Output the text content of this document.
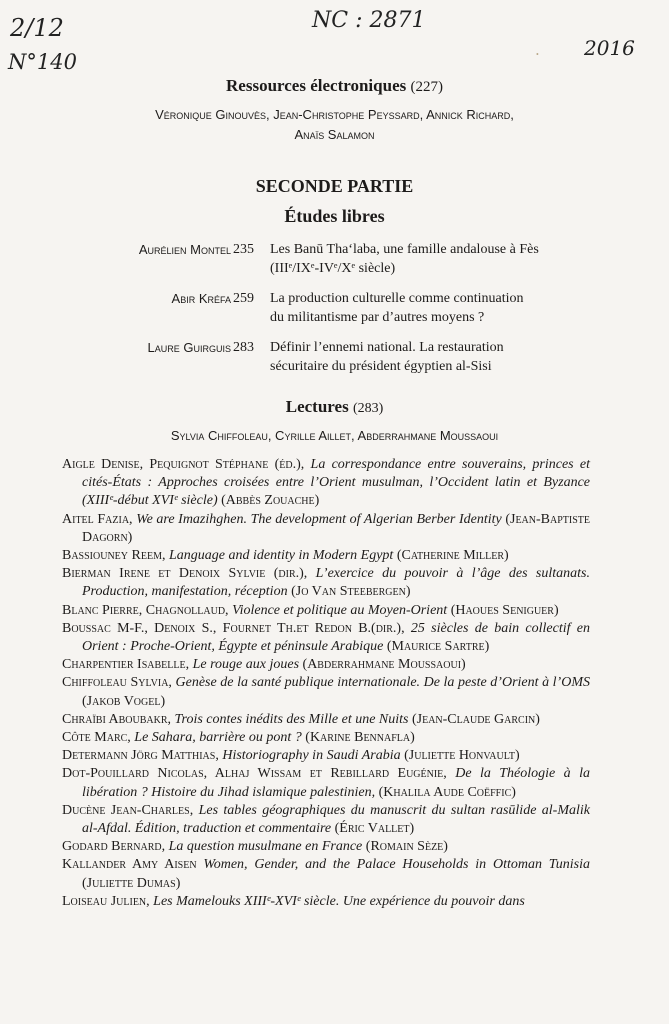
2/12
N°140
NC : 2871
2016
•
Ressources électroniques (227)
Véronique Ginouvès, Jean-Christophe Peyssard, Annick Richard,
Anaïs Salamon
SECONDE PARTIE
Études libres
Aurélien Montel 235	Les Banū Tha‘laba, une famille andalouse à Fès
(IIIᵉ/IXᵉ-IVᵉ/Xᵉ siècle)
Abir Kréfa 259	La production culturelle comme continuation
du militantisme par d’autres moyens ?
Laure Guirguis 283	Définir l’ennemi national. La restauration
sécuritaire du président égyptien al-Sisi
Lectures (283)
Sylvia Chiffoleau, Cyrille Aillet, Abderrahmane Moussaoui
Aigle Denise, Pequignot Stéphane (éd.), La correspondance entre souverains, princes et cités-États : Approches croisées entre l’Orient musulman, l’Occident latin et Byzance (XIIIᵉ-début XVIᵉ siècle) (Abbès Zouache)
Aitel Fazia, We are Imazihghen. The development of Algerian Berber Identity (Jean-Baptiste Dagorn)
Bassiouney Reem, Language and identity in Modern Egypt (Catherine Miller)
Bierman Irene et Denoix Sylvie (dir.), L’exercice du pouvoir à l’âge des sultanats. Production, manifestation, réception (Jo Van Steebergen)
Blanc Pierre, Chagnollaud, Violence et politique au Moyen-Orient (Haoues Seniguer)
Boussac M-F., Denoix S., Fournet Th.et Redon B.(dir.), 25 siècles de bain collectif en Orient : Proche-Orient, Égypte et péninsule Arabique (Maurice Sartre)
Charpentier Isabelle, Le rouge aux joues (Abderrahmane Moussaoui)
Chiffoleau Sylvia, Genèse de la santé publique internationale. De la peste d’Orient à l’OMS (Jakob Vogel)
Chraïbi Aboubakr, Trois contes inédits des Mille et une Nuits (Jean-Claude Garcin)
Côte Marc, Le Sahara, barrière ou pont ? (Karine Bennafla)
Determann Jörg Matthias, Historiography in Saudi Arabia (Juliette Honvault)
Dot-Pouillard Nicolas, Alhaj Wissam et Rebillard Eugénie, De la Théologie à la libération ? Histoire du Jihad islamique palestinien, (Khalila Aude Coëffic)
Ducène Jean-Charles, Les tables géographiques du manuscrit du sultan rasūlide al-Malik al-Afdal. Édition, traduction et commentaire (Éric Vallet)
Godard Bernard, La question musulmane en France (Romain Sèze)
Kallander Amy Aisen Women, Gender, and the Palace Households in Ottoman Tunisia (Juliette Dumas)
Loiseau Julien, Les Mamelouks XIIIᵉ-XVIᵉ siècle. Une expérience du pouvoir dans
